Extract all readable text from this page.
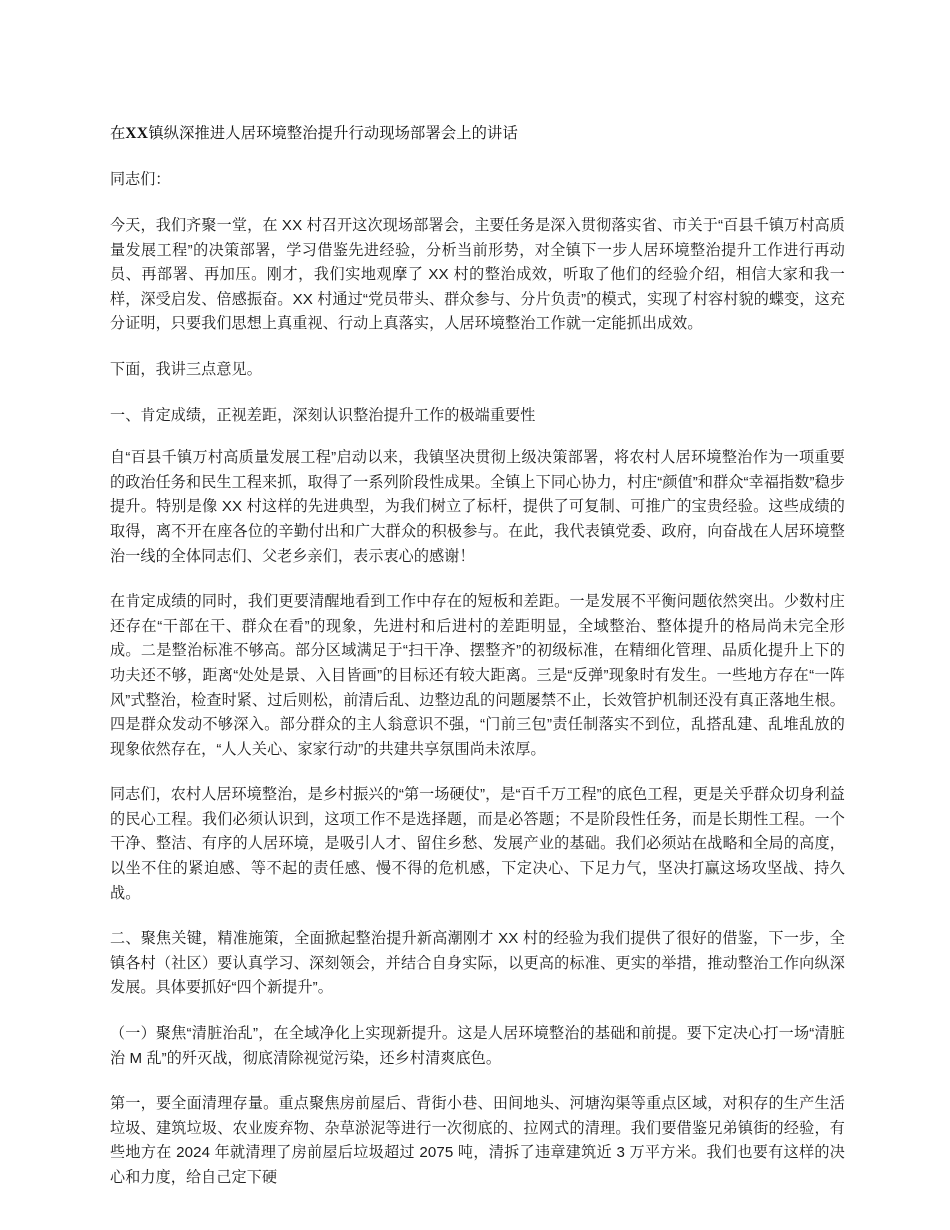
在XX镇纵深推进人居环境整治提升行动现场部署会上的讲话
同志们：

今天，我们齐聚一堂，在 XX 村召开这次现场部署会，主要任务是深入贯彻落实省、市关于“百县千镇万村高质量发展工程”的决策部署，学习借鉴先进经验，分析当前形势，对全镇下一步人居环境整治提升工作进行再动员、再部署、再加压。刚才，我们实地观摩了 XX 村的整治成效，听取了他们的经验介绍，相信大家和我一样，深受启发、倍感振奋。XX 村通过“党员带头、群众参与、分片负责”的模式，实现了村容村貌的蝶变，这充分证明，只要我们思想上真重视、行动上真落实，人居环境整治工作就一定能抓出成效。

下面，我讲三点意见。

一、肯定成绩，正视差距，深刻认识整治提升工作的极端重要性

自“百县千镇万村高质量发展工程”启动以来，我镇坚决贯彻上级决策部署，将农村人居环境整治作为一项重要的政治任务和民生工程来抓，取得了一系列阶段性成果。全镇上下同心协力，村庄“颜值”和群众“幸福指数”稳步提升。特别是像 XX 村这样的先进典型，为我们树立了标杆，提供了可复制、可推广的宝贵经验。这些成绩的取得，离不开在座各位的辛勤付出和广大群众的积极参与。在此，我代表镇党委、政府，向奋战在人居环境整治一线的全体同志们、父老乡亲们，表示衷心的感谢！

在肯定成绩的同时，我们更要清醒地看到工作中存在的短板和差距。一是发展不平衡问题依然突出。少数村庄还存在“干部在干、群众在看”的现象，先进村和后进村的差距明显，全域整治、整体提升的格局尚未完全形成。二是整治标准不够高。部分区域满足于“扫干净、摆整齐”的初级标准，在精细化管理、品质化提升上下的功夫还不够，距离“处处是景、入目皆画”的目标还有较大距离。三是“反弹”现象时有发生。一些地方存在“一阵风”式整治，检查时紧、过后则松，前清后乱、边整边乱的问题屡禁不止，长效管护机制还没有真正落地生根。四是群众发动不够深入。部分群众的主人翁意识不强，“门前三包”责任制落实不到位，乱搭乱建、乱堆乱放的现象依然存在，“人人关心、家家行动”的共建共享氛围尚未浓厚。

同志们，农村人居环境整治，是乡村振兴的“第一场硬仗”，是“百千万工程”的底色工程，更是关乎群众切身利益的民心工程。我们必须认识到，这项工作不是选择题，而是必答题；不是阶段性任务，而是长期性工程。一个干净、整洁、有序的人居环境，是吸引人才、留住乡愁、发展产业的基础。我们必须站在战略和全局的高度，以坐不住的紧迫感、等不起的责任感、慢不得的危机感，下定决心、下足力气，坚决打赢这场攻坚战、持久战。

二、聚焦关键，精准施策，全面掀起整治提升新高潮刚才 XX 村的经验为我们提供了很好的借鉴，下一步，全镇各村（社区）要认真学习、深刻领会，并结合自身实际，以更高的标准、更实的举措，推动整治工作向纵深发展。具体要抓好“四个新提升”。

（一）聚焦“清脏治乱”，在全域净化上实现新提升。这是人居环境整治的基础和前提。要下定决心打一场“清脏治 M 乱”的歼灭战，彻底清除视觉污染，还乡村清爽底色。

第一，要全面清理存量。重点聚焦房前屋后、背街小巷、田间地头、河塘沟渠等重点区域，对积存的生产生活垃圾、建筑垃圾、农业废弃物、杂草淤泥等进行一次彻底的、拉网式的清理。我们要借鉴兄弟镇街的经验，有些地方在 2024 年就清理了房前屋后垃圾超过 2075 吨，清拆了违章建筑近 3 万平方米。我们也要有这样的决心和力度，给自己定下硬
